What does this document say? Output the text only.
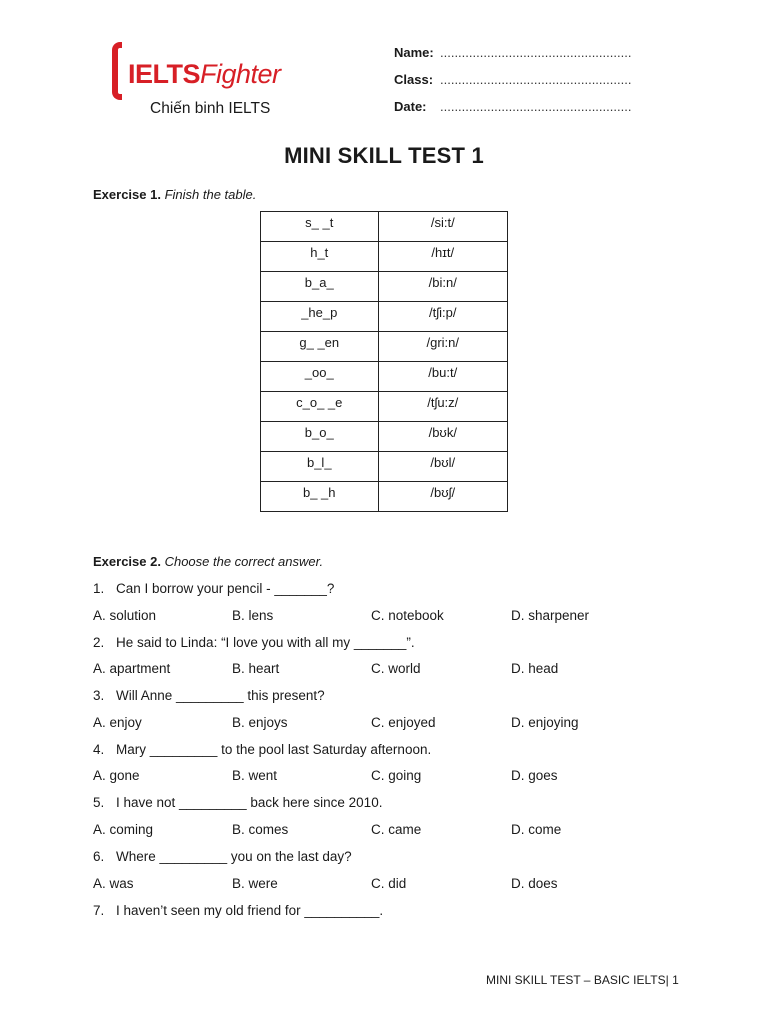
IELTSFighter
Chiến binh IELTS
Name: .....................................................
Class: .....................................................
Date: .....................................................
MINI SKILL TEST 1
Exercise 1. Finish the table.
s_ _t	/si:t/
h_t	/hɪt/
b_a_	/bi:n/
_he_p	/tʃi:p/
g_ _en	/gri:n/
_oo_	/bu:t/
c_o_ _e	/tʃu:z/
b_o_	/bʊk/
b_l_	/bʊl/
b_ _h	/bʊʃ/
Exercise 2. Choose the correct answer.
1. Can I borrow your pencil - _______?
A. solution	B. lens	C. notebook	D. sharpener
2. He said to Linda: “I love you with all my _______”.
A. apartment	B. heart	C. world	D. head
3. Will Anne _________ this present?
A. enjoy	B. enjoys	C. enjoyed	D. enjoying
4. Mary _________ to the pool last Saturday afternoon.
A. gone	B. went	C. going	D. goes
5. I have not _________ back here since 2010.
A. coming	B. comes	C. came	D. come
6. Where _________ you on the last day?
A. was	B. were	C. did	D. does
7. I haven’t seen my old friend for __________.
MINI SKILL TEST – BASIC IELTS| 1
